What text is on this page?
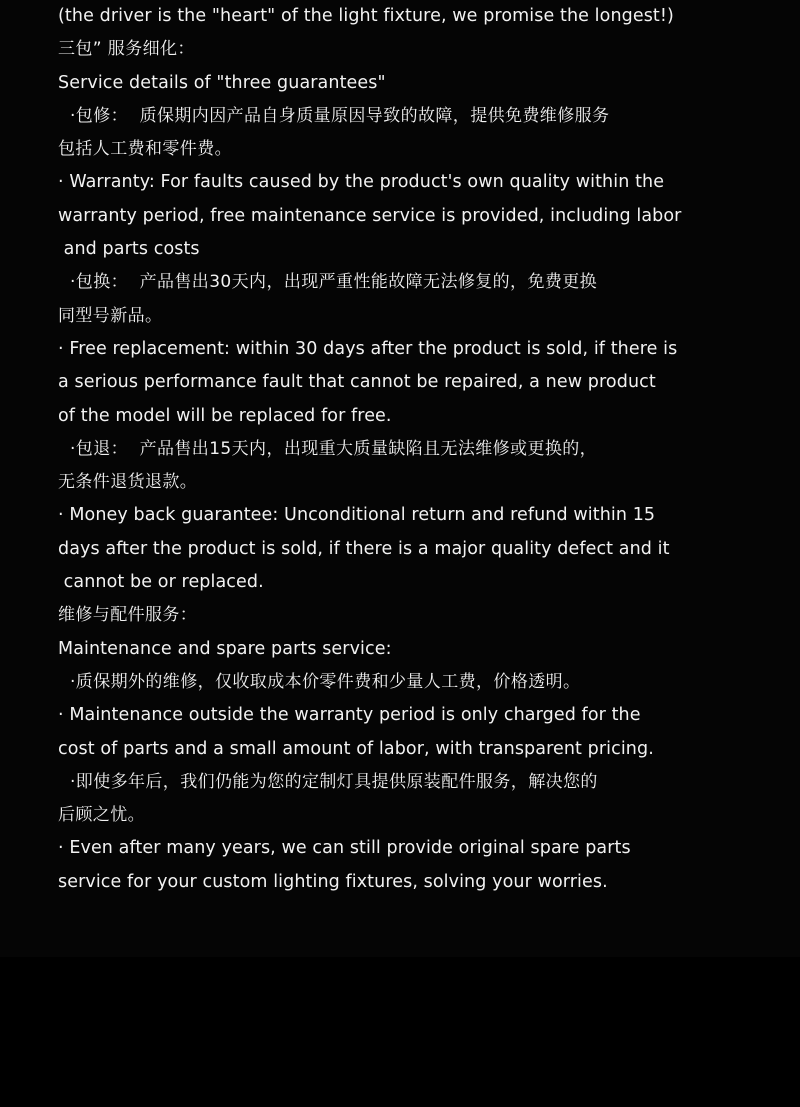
(the driver is the "heart" of the light fixture, we promise the longest!)
三包” 服务细化：
Service details of "three guarantees"
·包修：  质保期内因产品自身质量原因导致的故障，提供免费维修服务
包括人工费和零件费。
· Warranty: For faults caused by the product's own quality within the
warranty period, free maintenance service is provided, including labor
and parts costs
·包换：  产品售出30天内，出现严重性能故障无法修复的，免费更换
同型号新品。
· Free replacement: within 30 days after the product is sold, if there is
a serious performance fault that cannot be repaired, a new product
of the model will be replaced for free.
·包退：  产品售出15天内，出现重大质量缺陷且无法维修或更换的，
无条件退货退款。
· Money back guarantee: Unconditional return and refund within 15
days after the product is sold, if there is a major quality defect and it
cannot be or replaced.
维修与配件服务：
Maintenance and spare parts service:
·质保期外的维修，仅收取成本价零件费和少量人工费，价格透明。
· Maintenance outside the warranty period is only charged for the
cost of parts and a small amount of labor, with transparent pricing.
·即使多年后，我们仍能为您的定制灯具提供原装配件服务，解决您的
后顾之忧。
· Even after many years, we can still provide original spare parts
service for your custom lighting fixtures, solving your worries.
